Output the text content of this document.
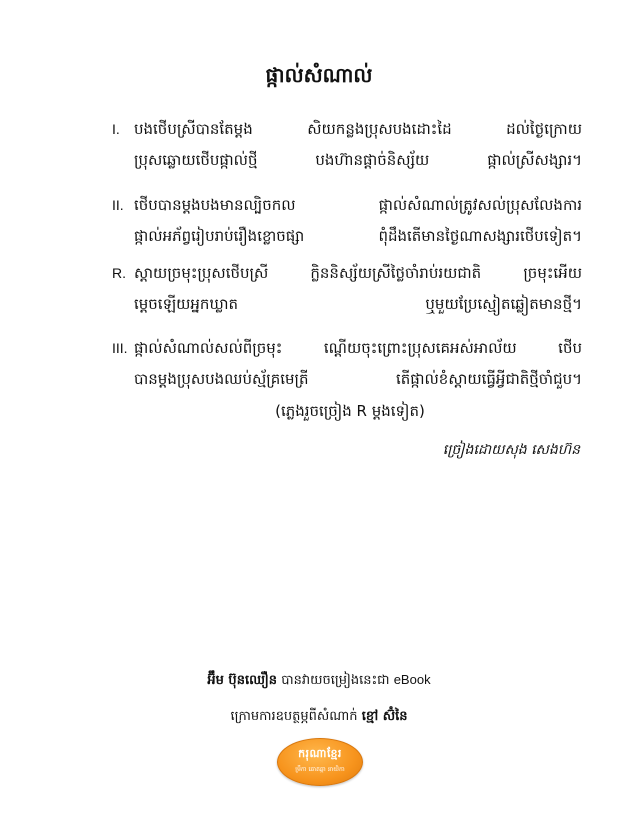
ផ្កាល់សំណាល់
I. បងថើបស្រីបានតែម្តង សិយកន្លងប្រុសបងដោះដៃ ដល់ថ្ងៃក្រោយ
ប្រុសឆ្លោយថើបផ្កាល់ថ្មី បងហ៊ានផ្តាច់និស្ស័យ ផ្កាល់ស្រីសង្សារ។
II. ថើបបានម្តងបងមានល្បិចកល ផ្កាល់សំណាល់ត្រូវសល់ប្រុសលែងការ
ផ្កាល់អភ័ព្វរៀបរាប់រឿងខ្លោចផ្សា ពុំដឹងតើមានថ្ងៃណាសង្សារថើបទៀត។
R. ស្តាយច្រមុះប្រុសថើបស្រី ក្លិននិស្ស័យស្រីថ្លៃចាំរាប់រយជាតិ ច្រមុះអើយ
ម្តេចឡើយអ្នកឃ្លាត ឬមួយប្រែស្មៀតឆ្លៀតមានថ្មី។
III. ផ្កាល់សំណាល់សល់ពីច្រមុះ ណ្តើយចុះព្រោះប្រុសគេអស់អាល័យ ថើប
បានម្តងប្រុសបងឈប់ស្ម័គ្រមេត្រី តើផ្កាល់ខំស្តាយធ្វើអ្វីជាតិថ្មីចាំជួប។
(ភ្លេងរួចច្រៀង R ម្តងទៀត)
ច្រៀងដោយសុង សេងហ៊ន
អ៊ឹម ប៊ុនឈឿន បានវាយចម្រៀងនេះជា eBook
ក្រោមការឧបត្ថម្ភពីសំណាក់ ខ្មៅ ស៊ំនៃ
ករុណាខ្មែរ
ម្រឹកា ឆោតឆ្កា នាយិកា
